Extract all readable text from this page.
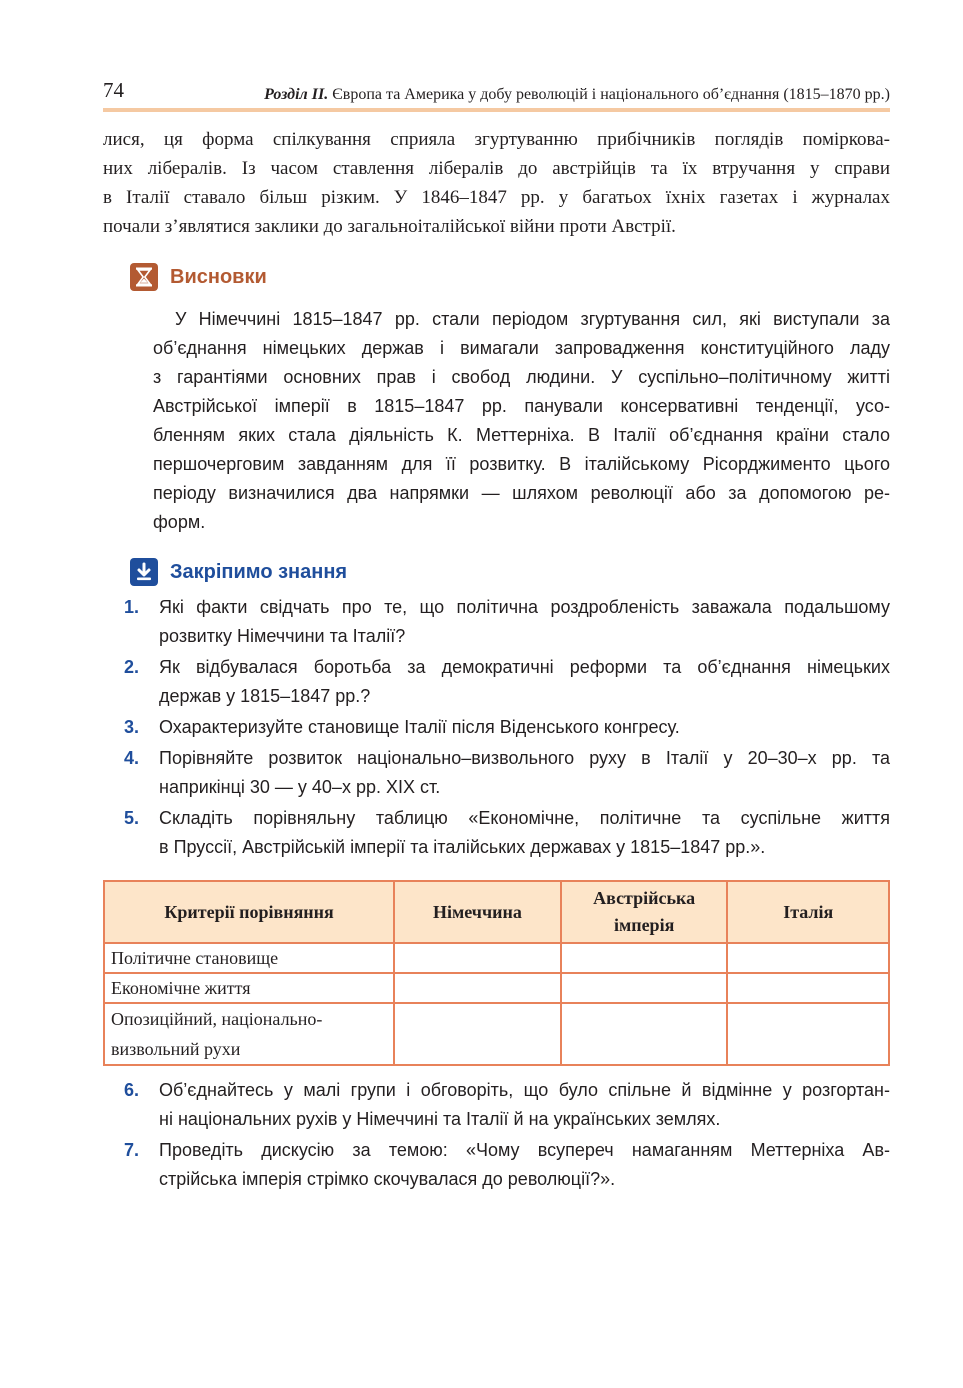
74	Розділ ІІ. Європа та Америка у добу революцій і національного об’єднання (1815–1870 рр.)
лися, ця форма спілкування сприяла згуртуванню прибічників поглядів поміркова-
них лібералів. Із часом ставлення лібералів до австрійців та їх втручання у справи
в Італії ставало більш різким. У 1846–1847 рр. у багатьох їхніх газетах і журналах
почали з’являтися заклики до загальноіталійської війни проти Австрії.
Висновки
У Німеччині 1815–1847 рр. стали періодом згуртування сил, які виступали за
об’єднання німецьких держав і вимагали запровадження конституційного ладу
з гарантіями основних прав і свобод людини. У суспільно–політичному житті
Австрійської імперії в 1815–1847 рр. панували консервативні тенденції, усо-
бленням яких стала діяльність К. Меттерніха. В Італії об’єднання країни стало
першочерговим завданням для її розвитку. В італійському Рісорджименто цього
періоду визначилися два напрямки — шляхом революції або за допомогою ре-
форм.
Закріпимо знання
1. Які факти свідчать про те, що політична роздробленість заважала подальшому
розвитку Німеччини та Італії?
2. Як відбувалася боротьба за демократичні реформи та об’єднання німецьких
держав у 1815–1847 рр.?
3. Охарактеризуйте становище Італії після Віденського конгресу.
4. Порівняйте розвиток національно–визвольного руху в Італії у 20–30–х рр. та
наприкінці 30 — у 40–х рр. ХІХ ст.
5. Складіть порівняльну таблицю «Економічне, політичне та суспільне життя
в Пруссії, Австрійській імперії та італійських державах у 1815–1847 рр.».
Критерії порівняння	Німеччина	Австрійська імперія	Італія
Політичне становище			
Економічне життя			
Опозиційний, національно-визвольний рухи			
6. Об’єднайтесь у малі групи і обговоріть, що було спільне й відмінне у розгортан-
ні національних рухів у Німеччині та Італії й на українських землях.
7. Проведіть дискусію за темою: «Чому всупереч намаганням Меттерніха Ав-
стрійська імперія стрімко скочувалася до революції?».
